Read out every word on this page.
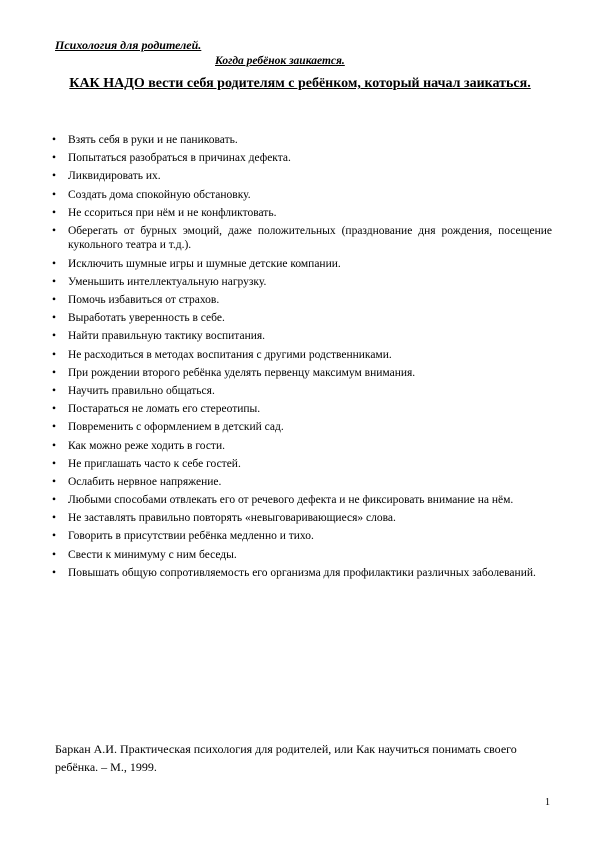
Психология для родителей.
Когда ребёнок заикается.
КАК НАДО вести себя родителям с ребёнком, который начал заикаться.
• Взять себя в руки и не паниковать.
• Попытаться разобраться в причинах дефекта.
• Ликвидировать их.
• Создать дома спокойную обстановку.
• Не ссориться при нём и не конфликтовать.
• Оберегать от бурных эмоций, даже положительных (празднование дня рождения, посещение кукольного театра и т.д.).
• Исключить шумные игры и шумные детские компании.
• Уменьшить интеллектуальную нагрузку.
• Помочь избавиться от страхов.
• Выработать уверенность в себе.
• Найти правильную тактику воспитания.
• Не расходиться в методах воспитания с другими родственниками.
• При рождении второго ребёнка уделять первенцу максимум внимания.
• Научить правильно общаться.
• Постараться не ломать его стереотипы.
• Повременить с оформлением в детский сад.
• Как можно реже ходить в гости.
• Не приглашать часто к себе гостей.
• Ослабить нервное напряжение.
• Любыми способами отвлекать его от речевого дефекта и не фиксировать внимание на нём.
• Не заставлять правильно повторять «невыговаривающиеся» слова.
• Говорить в присутствии ребёнка медленно и тихо.
• Свести к минимуму с ним беседы.
• Повышать общую сопротивляемость его организма для профилактики различных заболеваний.
Баркан А.И. Практическая психология для родителей, или Как научиться понимать своего ребёнка. – М., 1999.
1
